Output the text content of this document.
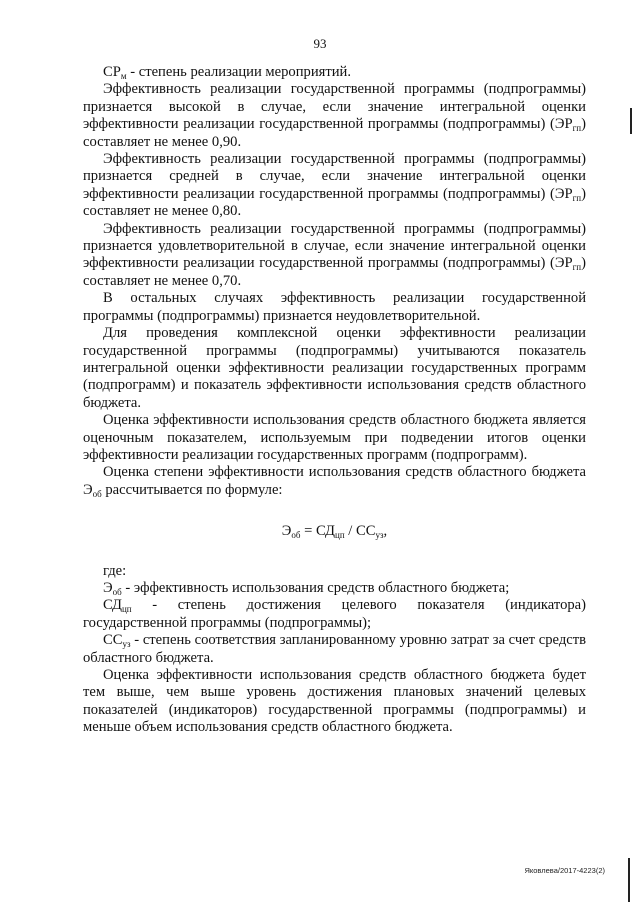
93

$СР_м$ - степень реализации мероприятий.

Эффективность реализации государственной программы (подпрограммы) признается высокой в случае, если значение интегральной оценки эффективности реализации государственной программы (подпрограммы) $(ЭР_{гп})$ составляет не менее 0,90.

Эффективность реализации государственной программы (подпрограммы) признается средней в случае, если значение интегральной оценки эффективности реализации государственной программы (подпрограммы) $(ЭР_{гп})$ составляет не менее 0,80.

Эффективность реализации государственной программы (подпрограммы) признается удовлетворительной в случае, если значение интегральной оценки эффективности реализации государственной программы (подпрограммы) $(ЭР_{гп})$ составляет не менее 0,70.

В остальных случаях эффективность реализации государственной программы (подпрограммы) признается неудовлетворительной.

Для проведения комплексной оценки эффективности реализации государственной программы (подпрограммы) учитываются показатель интегральной оценки эффективности реализации государственных программ (подпрограмм) и показатель эффективности использования средств областного бюджета.

Оценка эффективности использования средств областного бюджета является оценочным показателем, используемым при подведении итогов оценки эффективности реализации государственных программ (подпрограмм).

Оценка степени эффективности использования средств областного бюджета $Э_{об}$ рассчитывается по формуле:

$Э_{об} = СД_{цп} / СС_{уз}$,

где:

$Э_{об}$ - эффективность использования средств областного бюджета;

$СД_{цп}$ - степень достижения целевого показателя (индикатора) государственной программы (подпрограммы);

$СС_{уз}$ - степень соответствия запланированному уровню затрат за счет средств областного бюджета.

Оценка эффективности использования средств областного бюджета будет тем выше, чем выше уровень достижения плановых значений целевых показателей (индикаторов) государственной программы (подпрограммы) и меньше объем использования средств областного бюджета.

Яковлева/2017-4223(2)
